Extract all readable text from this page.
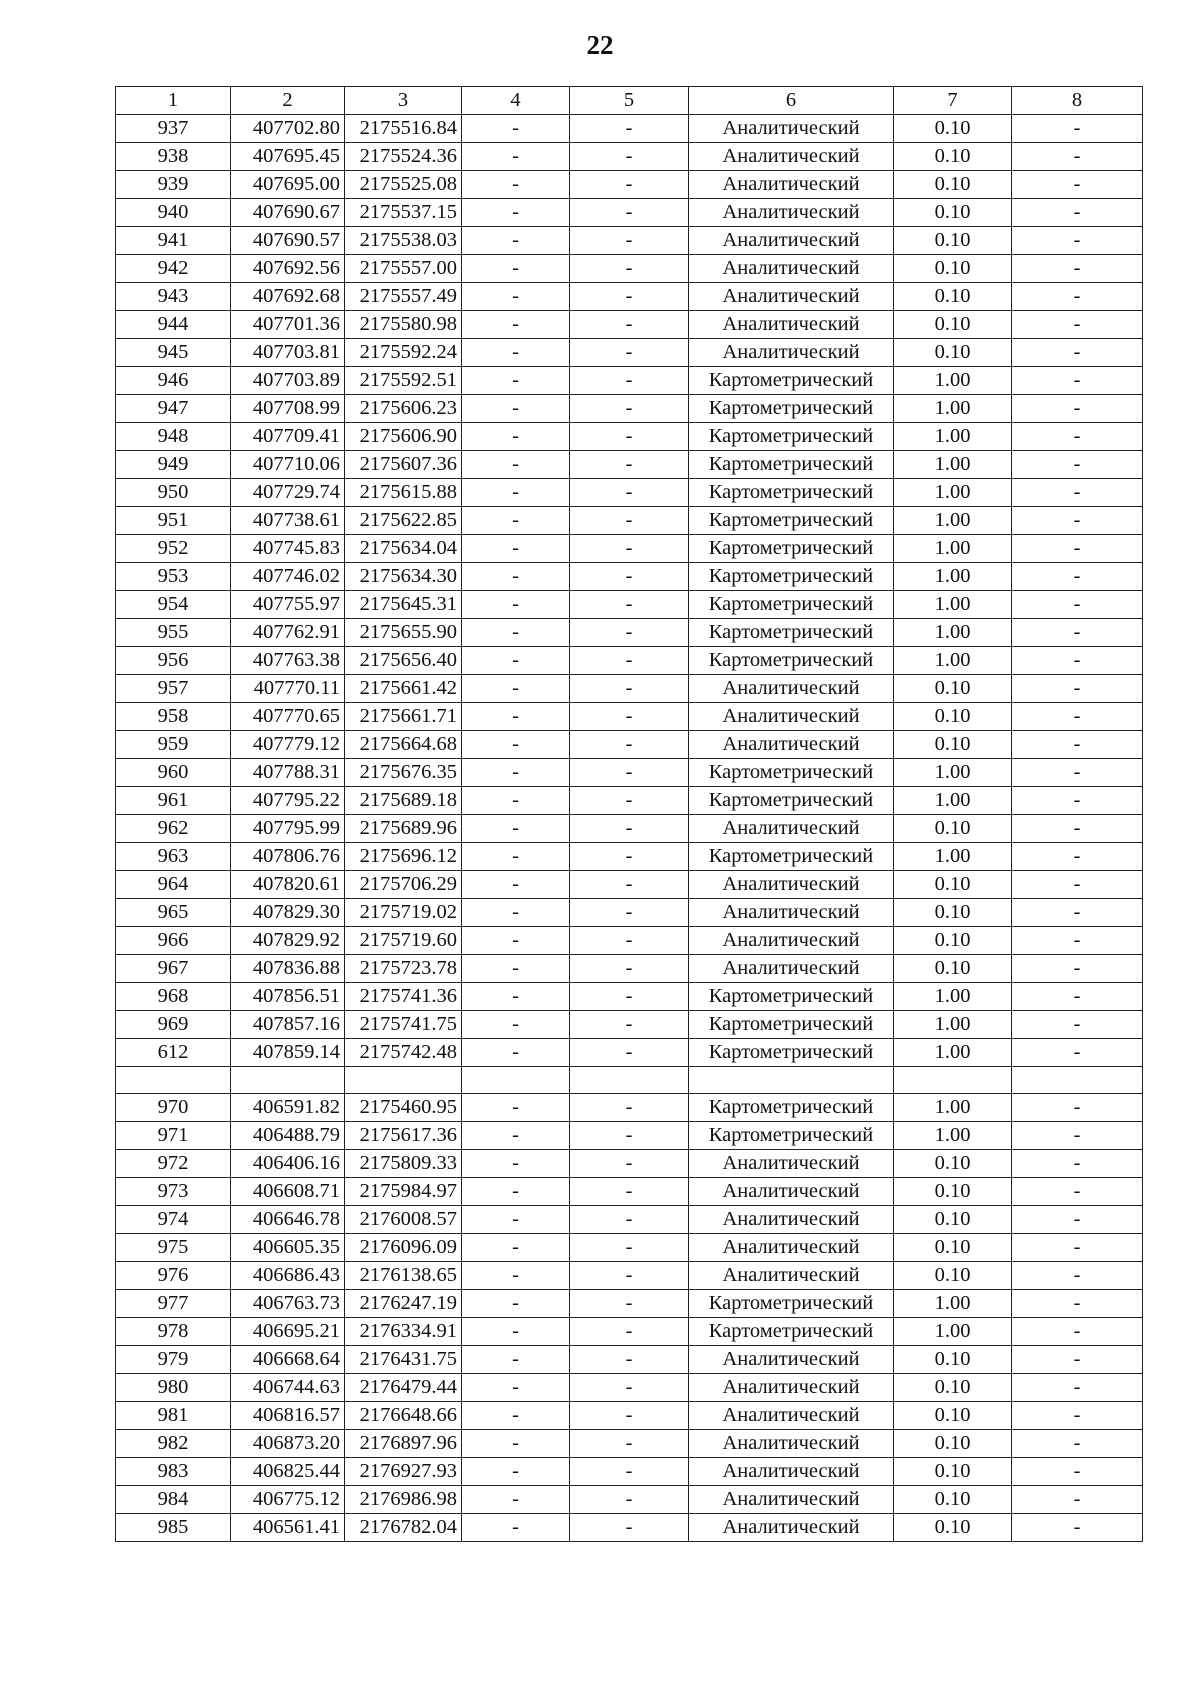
22
1	2	3	4	5	6	7	8
937	407702.80	2175516.84	-	-	Аналитический	0.10	-
938	407695.45	2175524.36	-	-	Аналитический	0.10	-
939	407695.00	2175525.08	-	-	Аналитический	0.10	-
940	407690.67	2175537.15	-	-	Аналитический	0.10	-
941	407690.57	2175538.03	-	-	Аналитический	0.10	-
942	407692.56	2175557.00	-	-	Аналитический	0.10	-
943	407692.68	2175557.49	-	-	Аналитический	0.10	-
944	407701.36	2175580.98	-	-	Аналитический	0.10	-
945	407703.81	2175592.24	-	-	Аналитический	0.10	-
946	407703.89	2175592.51	-	-	Картометрический	1.00	-
947	407708.99	2175606.23	-	-	Картометрический	1.00	-
948	407709.41	2175606.90	-	-	Картометрический	1.00	-
949	407710.06	2175607.36	-	-	Картометрический	1.00	-
950	407729.74	2175615.88	-	-	Картометрический	1.00	-
951	407738.61	2175622.85	-	-	Картометрический	1.00	-
952	407745.83	2175634.04	-	-	Картометрический	1.00	-
953	407746.02	2175634.30	-	-	Картометрический	1.00	-
954	407755.97	2175645.31	-	-	Картометрический	1.00	-
955	407762.91	2175655.90	-	-	Картометрический	1.00	-
956	407763.38	2175656.40	-	-	Картометрический	1.00	-
957	407770.11	2175661.42	-	-	Аналитический	0.10	-
958	407770.65	2175661.71	-	-	Аналитический	0.10	-
959	407779.12	2175664.68	-	-	Аналитический	0.10	-
960	407788.31	2175676.35	-	-	Картометрический	1.00	-
961	407795.22	2175689.18	-	-	Картометрический	1.00	-
962	407795.99	2175689.96	-	-	Аналитический	0.10	-
963	407806.76	2175696.12	-	-	Картометрический	1.00	-
964	407820.61	2175706.29	-	-	Аналитический	0.10	-
965	407829.30	2175719.02	-	-	Аналитический	0.10	-
966	407829.92	2175719.60	-	-	Аналитический	0.10	-
967	407836.88	2175723.78	-	-	Аналитический	0.10	-
968	407856.51	2175741.36	-	-	Картометрический	1.00	-
969	407857.16	2175741.75	-	-	Картометрический	1.00	-
612	407859.14	2175742.48	-	-	Картометрический	1.00	-

970	406591.82	2175460.95	-	-	Картометрический	1.00	-
971	406488.79	2175617.36	-	-	Картометрический	1.00	-
972	406406.16	2175809.33	-	-	Аналитический	0.10	-
973	406608.71	2175984.97	-	-	Аналитический	0.10	-
974	406646.78	2176008.57	-	-	Аналитический	0.10	-
975	406605.35	2176096.09	-	-	Аналитический	0.10	-
976	406686.43	2176138.65	-	-	Аналитический	0.10	-
977	406763.73	2176247.19	-	-	Картометрический	1.00	-
978	406695.21	2176334.91	-	-	Картометрический	1.00	-
979	406668.64	2176431.75	-	-	Аналитический	0.10	-
980	406744.63	2176479.44	-	-	Аналитический	0.10	-
981	406816.57	2176648.66	-	-	Аналитический	0.10	-
982	406873.20	2176897.96	-	-	Аналитический	0.10	-
983	406825.44	2176927.93	-	-	Аналитический	0.10	-
984	406775.12	2176986.98	-	-	Аналитический	0.10	-
985	406561.41	2176782.04	-	-	Аналитический	0.10	-
